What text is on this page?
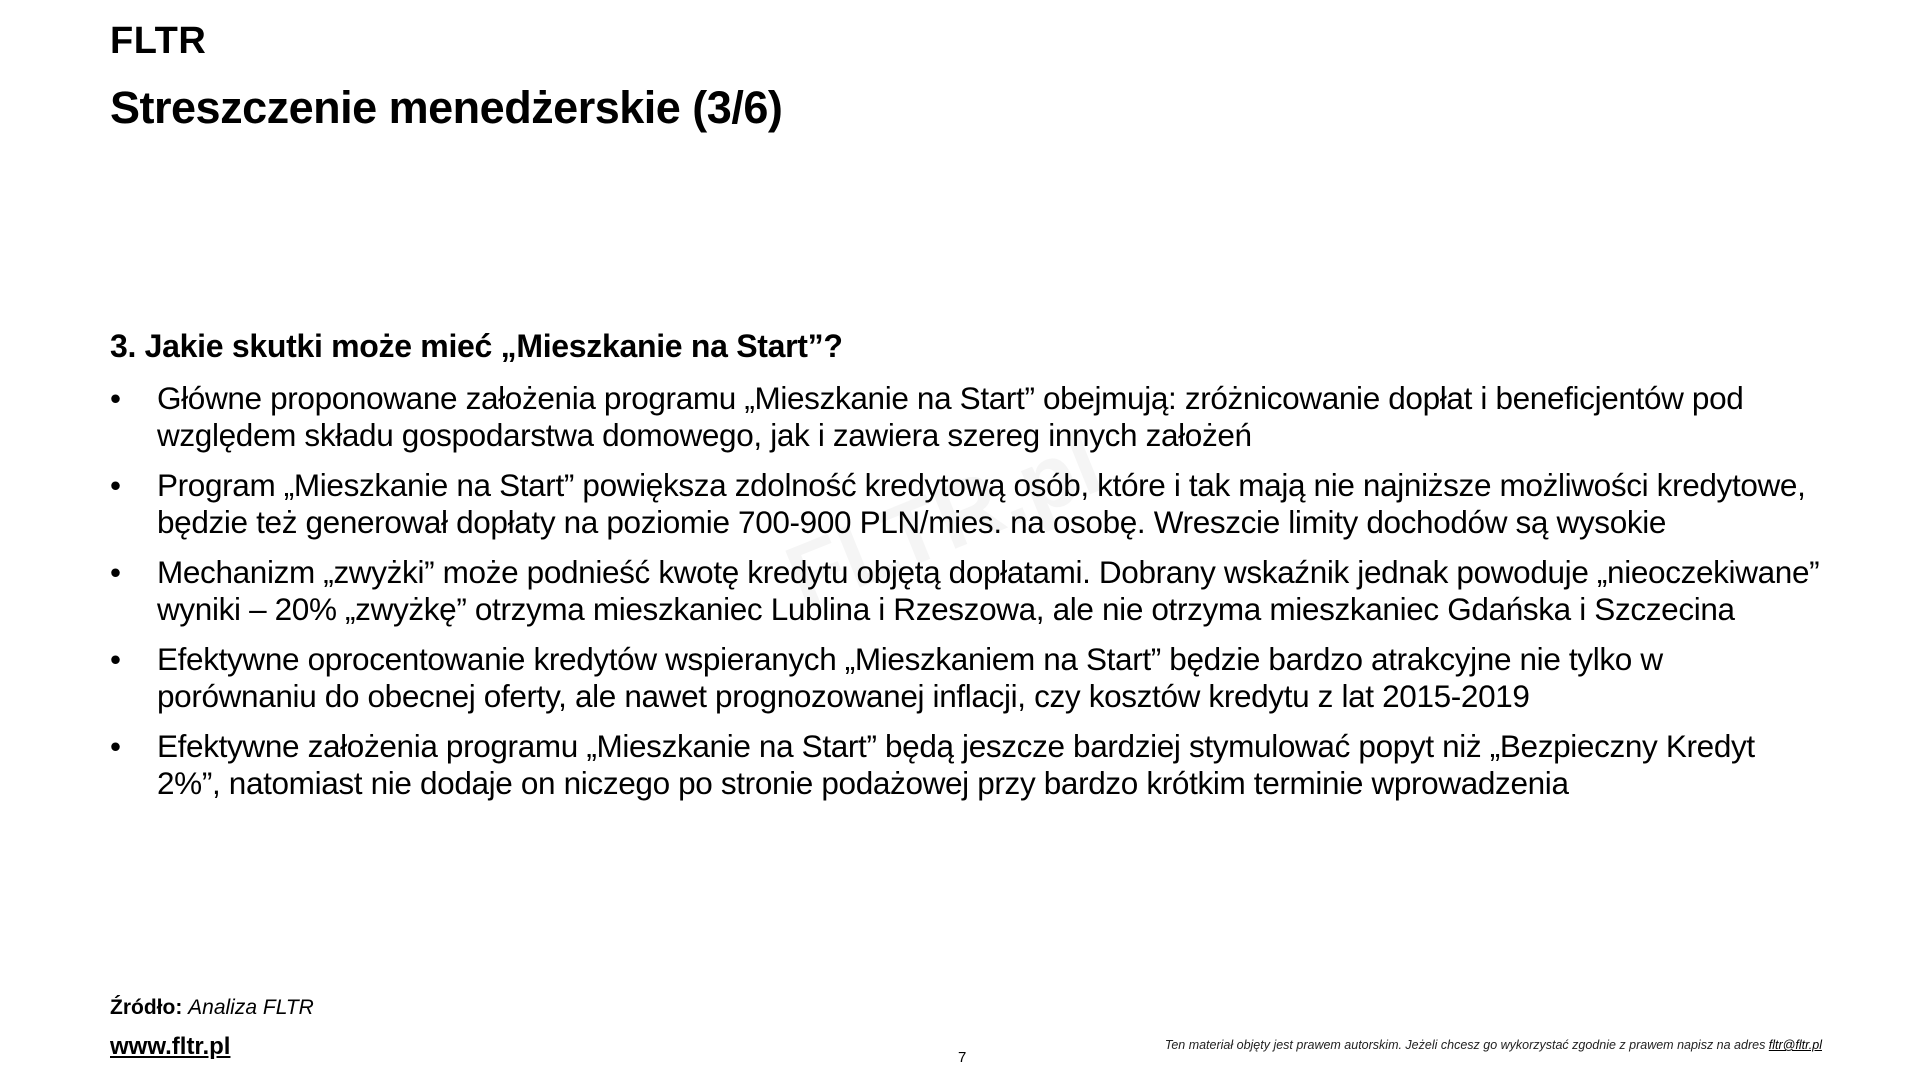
FLTR
Streszczenie menedżerskie (3/6)
3. Jakie skutki może mieć „Mieszkanie na Start”?
• Główne proponowane założenia programu „Mieszkanie na Start” obejmują: zróżnicowanie dopłat i beneficjentów pod względem składu gospodarstwa domowego, jak i zawiera szereg innych założeń
• Program „Mieszkanie na Start” powiększa zdolność kredytową osób, które i tak mają nie najniższe możliwości kredytowe, będzie też generował dopłaty na poziomie 700-900 PLN/mies. na osobę. Wreszcie limity dochodów są wysokie
• Mechanizm „zwyżki” może podnieść kwotę kredytu objętą dopłatami. Dobrany wskaźnik jednak powoduje „nieoczekiwane” wyniki – 20% „zwyżkę” otrzyma mieszkaniec Lublina i Rzeszowa, ale nie otrzyma mieszkaniec Gdańska i Szczecina
• Efektywne oprocentowanie kredytów wspieranych „Mieszkaniem na Start” będzie bardzo atrakcyjne nie tylko w porównaniu do obecnej oferty, ale nawet prognozowanej inflacji, czy kosztów kredytu z lat 2015-2019
• Efektywne założenia programu „Mieszkanie na Start” będą jeszcze bardziej stymulować popyt niż „Bezpieczny Kredyt 2%”, natomiast nie dodaje on niczego po stronie podażowej przy bardzo krótkim terminie wprowadzenia
Źródło: Analiza FLTR
www.fltr.pl	7
Ten materiał objęty jest prawem autorskim. Jeżeli chcesz go wykorzystać zgodnie z prawem napisz na adres fltr@fltr.pl
